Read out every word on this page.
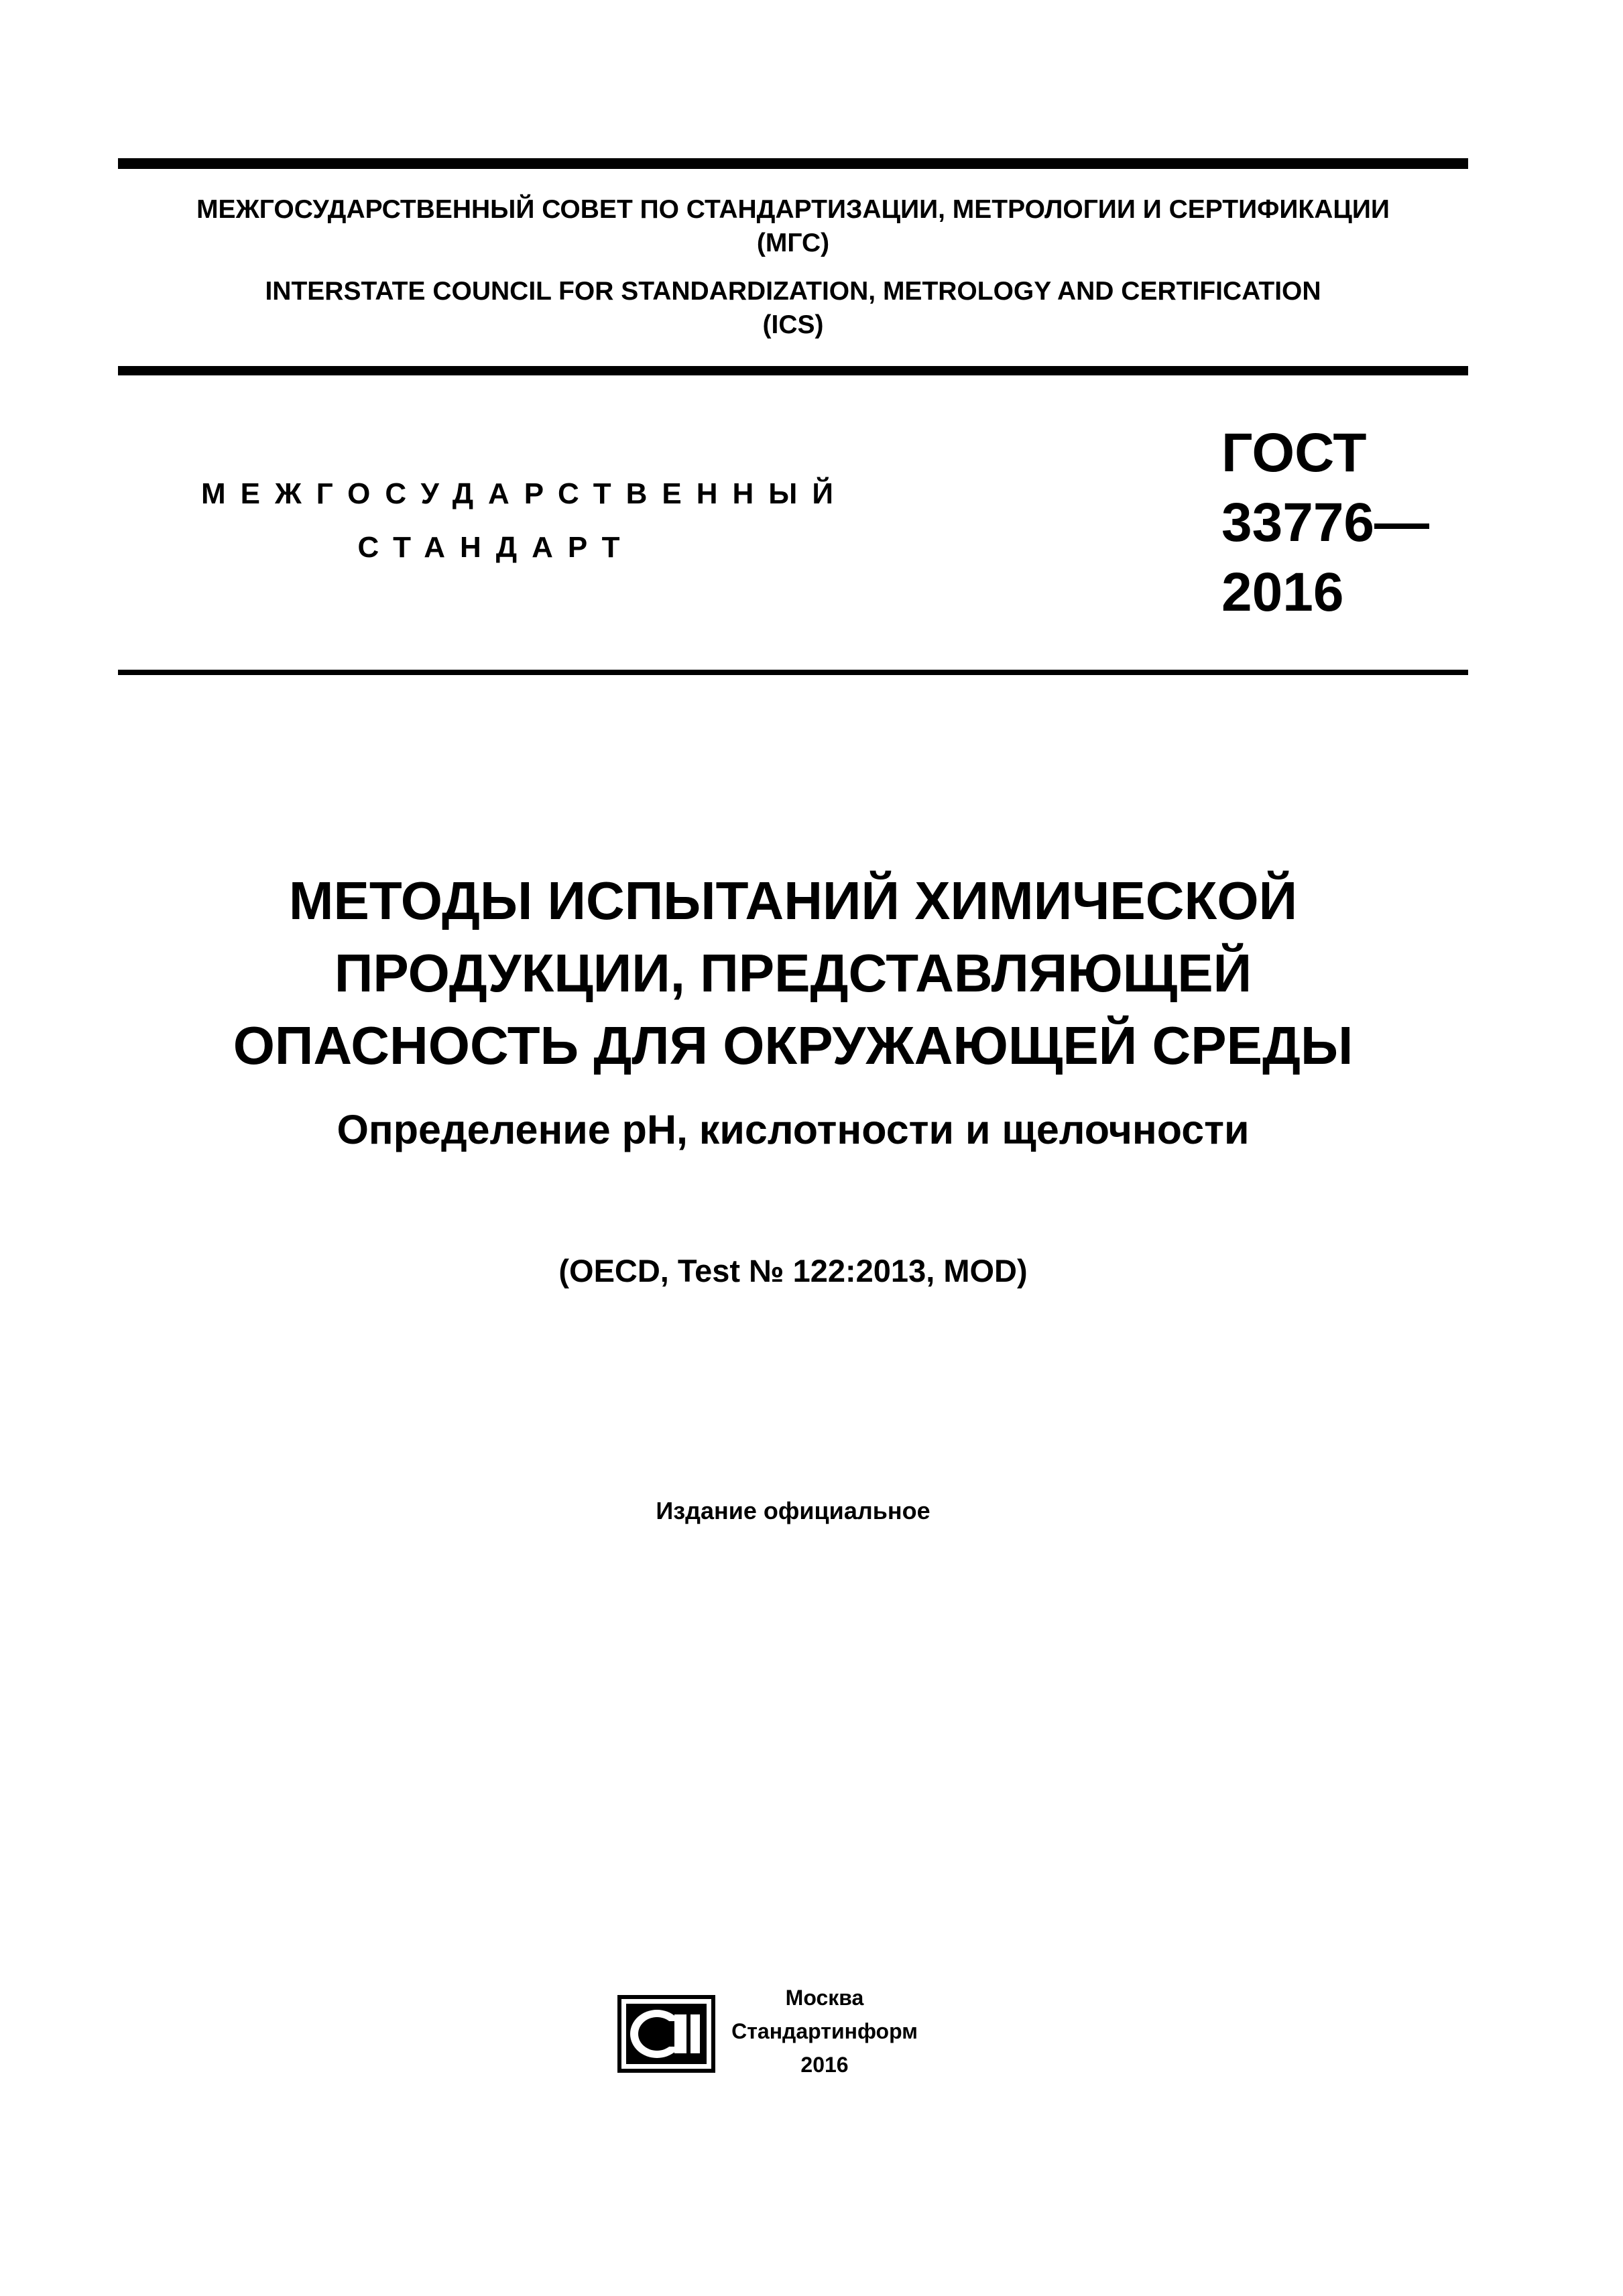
МЕЖГОСУДАРСТВЕННЫЙ СОВЕТ ПО СТАНДАРТИЗАЦИИ, МЕТРОЛОГИИ И СЕРТИФИКАЦИИ
(МГС)
INTERSTATE COUNCIL FOR STANDARDIZATION, METROLOGY AND CERTIFICATION
(ICS)
МЕЖГОСУДАРСТВЕННЫЙ
СТАНДАРТ
ГОСТ
33776—
2016
МЕТОДЫ ИСПЫТАНИЙ ХИМИЧЕСКОЙ
ПРОДУКЦИИ, ПРЕДСТАВЛЯЮЩЕЙ
ОПАСНОСТЬ ДЛЯ ОКРУЖАЮЩЕЙ СРЕДЫ
Определение рН, кислотности и щелочности
(OECD, Test № 122:2013, MOD)
Издание официальное
Москва
Стандартинформ
2016
